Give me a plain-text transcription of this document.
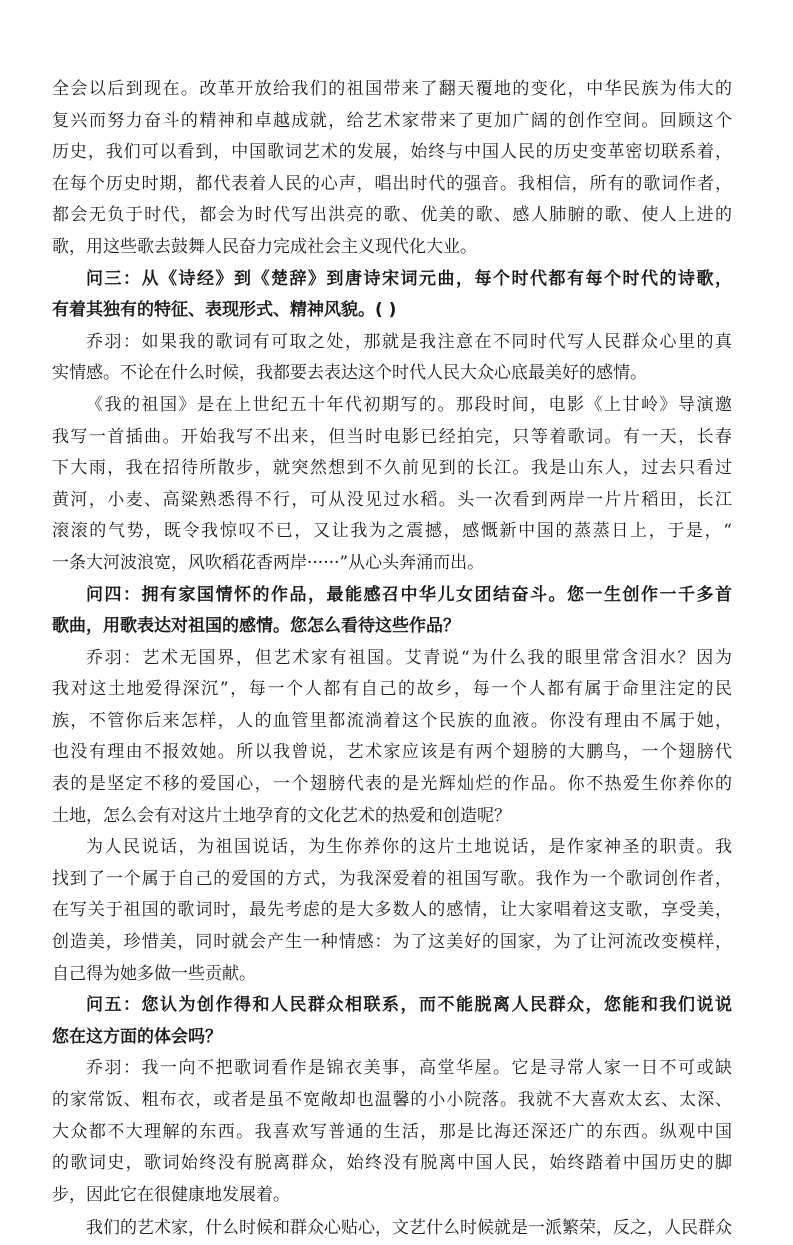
全会以后到现在。改革开放给我们的祖国带来了翻天覆地的变化，中华民族为伟大的
复兴而努力奋斗的精神和卓越成就，给艺术家带来了更加广阔的创作空间。回顾这个
历史，我们可以看到，中国歌词艺术的发展，始终与中国人民的历史变革密切联系着，
在每个历史时期，都代表着人民的心声，唱出时代的强音。我相信，所有的歌词作者，
都会无负于时代，都会为时代写出洪亮的歌、优美的歌、感人肺腑的歌、使人上进的
歌，用这些歌去鼓舞人民奋力完成社会主义现代化大业。
问三：从《诗经》到《楚辞》到唐诗宋词元曲，每个时代都有每个时代的诗歌，
有着其独有的特征、表现形式、精神风貌。( )
乔羽：如果我的歌词有可取之处，那就是我注意在不同时代写人民群众心里的真
实情感。不论在什么时候，我都要去表达这个时代人民大众心底最美好的感情。
《我的祖国》是在上世纪五十年代初期写的。那段时间，电影《上甘岭》导演邀
我写一首插曲。开始我写不出来，但当时电影已经拍完，只等着歌词。有一天，长春
下大雨，我在招待所散步，就突然想到不久前见到的长江。我是山东人，过去只看过
黄河，小麦、高粱熟悉得不行，可从没见过水稻。头一次看到两岸一片片稻田，长江
滚滚的气势，既令我惊叹不已，又让我为之震撼，感慨新中国的蒸蒸日上，于是，“
一条大河波浪宽，风吹稻花香两岸······”从心头奔涌而出。
问四：拥有家国情怀的作品，最能感召中华儿女团结奋斗。您一生创作一千多首
歌曲，用歌表达对祖国的感情。您怎么看待这些作品？
乔羽：艺术无国界，但艺术家有祖国。艾青说“为什么我的眼里常含泪水？因为
我对这土地爱得深沉”，每一个人都有自己的故乡，每一个人都有属于命里注定的民
族，不管你后来怎样，人的血管里都流淌着这个民族的血液。你没有理由不属于她，
也没有理由不报效她。所以我曾说，艺术家应该是有两个翅膀的大鹏鸟，一个翅膀代
表的是坚定不移的爱国心，一个翅膀代表的是光辉灿烂的作品。你不热爱生你养你的
土地，怎么会有对这片土地孕育的文化艺术的热爱和创造呢？
为人民说话，为祖国说话，为生你养你的这片土地说话，是作家神圣的职责。我
找到了一个属于自己的爱国的方式，为我深爱着的祖国写歌。我作为一个歌词创作者，
在写关于祖国的歌词时，最先考虑的是大多数人的感情，让大家唱着这支歌，享受美，
创造美，珍惜美，同时就会产生一种情感：为了这美好的国家，为了让河流改变模样，
自己得为她多做一些贡献。
问五：您认为创作得和人民群众相联系，而不能脱离人民群众，您能和我们说说
您在这方面的体会吗？
乔羽：我一向不把歌词看作是锦衣美事，高堂华屋。它是寻常人家一日不可或缺
的家常饭、粗布衣，或者是虽不宽敞却也温馨的小小院落。我就不大喜欢太玄、太深、
大众都不大理解的东西。我喜欢写普通的生活，那是比海还深还广的东西。纵观中国
的歌词史，歌词始终没有脱离群众，始终没有脱离中国人民，始终踏着中国历史的脚
步，因此它在很健康地发展着。
我们的艺术家，什么时候和群众心贴心，文艺什么时候就是一派繁荣，反之，人民群众
